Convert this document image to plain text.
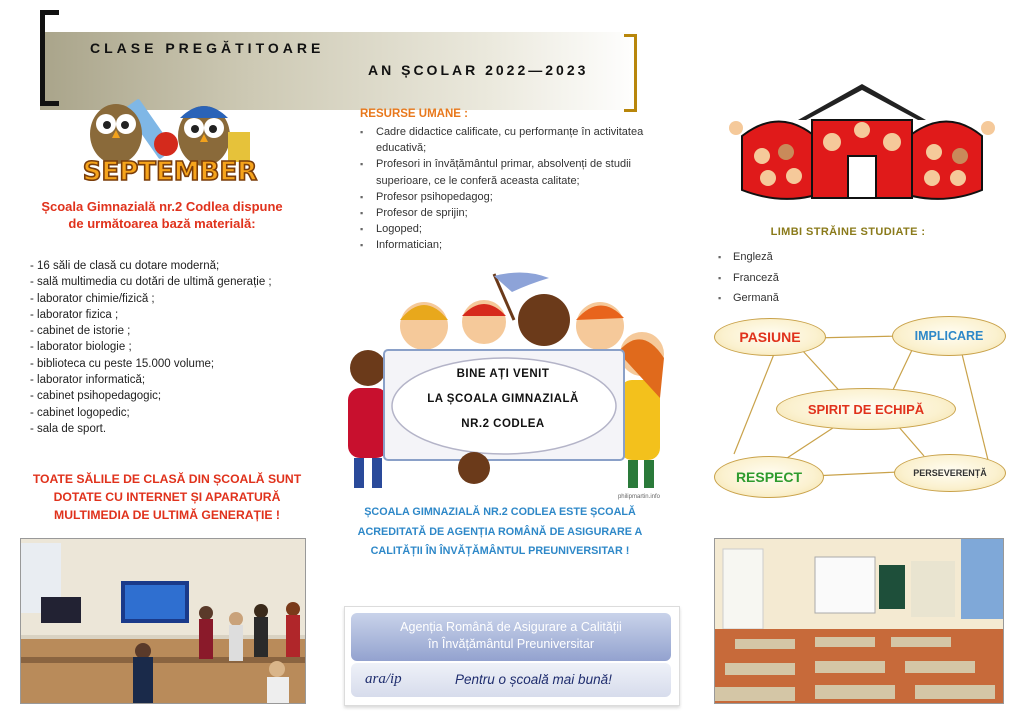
CLASE PREGĂTITOARE
AN ȘCOLAR 2022—2023
SEPTEMBER
Școala Gimnazială nr.2 Codlea dispune de următoarea bază materială:
- 16 săli de clasă cu dotare modernă;
- sală multimedia cu dotări de ultimă generație ;
- laborator chimie/fizică ;
- laborator fizica ;
- cabinet de istorie ;
- laborator biologie ;
- biblioteca cu peste 15.000 volume;
- laborator informatică;
- cabinet psihopedagogic;
- cabinet logopedic;
- sala de sport.
TOATE SĂLILE DE CLASĂ DIN ȘCOALĂ SUNT DOTATE CU INTERNET ȘI APARATURĂ MULTIMEDIA DE ULTIMĂ GENERAȚIE !
RESURSE UMANE :
▪ Cadre didactice calificate, cu performanțe în activitatea educativă;
▪ Profesori in învățământul primar, absolvenți de studii superioare, ce le conferă aceasta calitate;
▪ Profesor psihopedagog;
▪ Profesor de sprijin;
▪ Logoped;
▪ Informatician;
philipmartin.info
BINE AȚI VENIT
LA ȘCOALA GIMNAZIALĂ
NR.2 CODLEA
ȘCOALA GIMNAZIALĂ NR.2 CODLEA ESTE ȘCOALĂ ACREDITATĂ DE AGENȚIA ROMÂNĂ DE ASIGURARE A CALITĂȚII ÎN ÎNVĂȚĂMÂNTUL PREUNIVERSITAR !
Agenția Română de Asigurare a Calității
în Învățământul Preuniversitar
ara/ip	Pentru o școală mai bună!
LIMBI STRĂINE STUDIATE :
▪ Engleză
▪ Franceză
▪ Germană
PASIUNE	IMPLICARE
SPIRIT DE ECHIPĂ
RESPECT	PERSEVERENȚĂ
